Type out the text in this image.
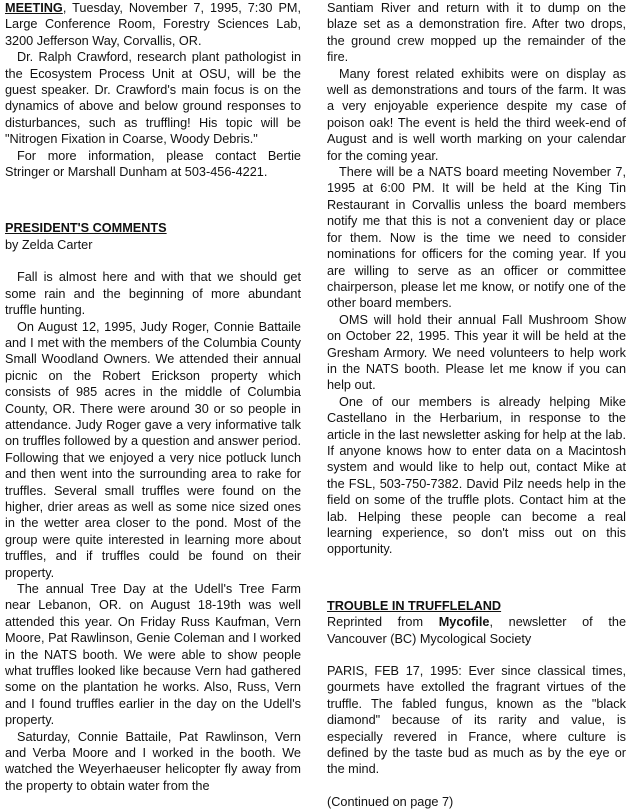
MEETING, Tuesday, November 7, 1995, 7:30 PM, Large Conference Room, Forestry Sciences Lab, 3200 Jefferson Way, Corvallis, OR.

Dr. Ralph Crawford, research plant pathologist in the Ecosystem Process Unit at OSU, will be the guest speaker. Dr. Crawford's main focus is on the dynamics of above and below ground responses to disturbances, such as truffling! His topic will be "Nitrogen Fixation in Coarse, Woody Debris."

For more information, please contact Bertie Stringer or Marshall Dunham at 503-456-4221.

PRESIDENT'S COMMENTS

by Zelda Carter

Fall is almost here and with that we should get some rain and the beginning of more abundant truffle hunting.

On August 12, 1995, Judy Roger, Connie Battaile and I met with the members of the Columbia County Small Woodland Owners. We attended their annual picnic on the Robert Erickson property which consists of 985 acres in the middle of Columbia County, OR. There were around 30 or so people in attendance. Judy Roger gave a very informative talk on truffles followed by a question and answer period. Following that we enjoyed a very nice potluck lunch and then went into the surrounding area to rake for truffles. Several small truffles were found on the higher, drier areas as well as some nice sized ones in the wetter area closer to the pond. Most of the group were quite interested in learning more about truffles, and if truffles could be found on their property.

The annual Tree Day at the Udell's Tree Farm near Lebanon, OR. on August 18-19th was well attended this year. On Friday Russ Kaufman, Vern Moore, Pat Rawlinson, Genie Coleman and I worked in the NATS booth. We were able to show people what truffles looked like because Vern had gathered some on the plantation he works. Also, Russ, Vern and I found truffles earlier in the day on the Udell's property.

Saturday, Connie Battaile, Pat Rawlinson, Vern and Verba Moore and I worked in the booth. We watched the Weyerhaeuser helicopter fly away from the property to obtain water from the

Santiam River and return with it to dump on the blaze set as a demonstration fire. After two drops, the ground crew mopped up the remainder of the fire.

Many forest related exhibits were on display as well as demonstrations and tours of the farm. It was a very enjoyable experience despite my case of poison oak! The event is held the third week-end of August and is well worth marking on your calendar for the coming year.

There will be a NATS board meeting November 7, 1995 at 6:00 PM. It will be held at the King Tin Restaurant in Corvallis unless the board members notify me that this is not a convenient day or place for them. Now is the time we need to consider nominations for officers for the coming year. If you are willing to serve as an officer or committee chairperson, please let me know, or notify one of the other board members.

OMS will hold their annual Fall Mushroom Show on October 22, 1995. This year it will be held at the Gresham Armory. We need volunteers to help work in the NATS booth. Please let me know if you can help out.

One of our members is already helping Mike Castellano in the Herbarium, in response to the article in the last newsletter asking for help at the lab. If anyone knows how to enter data on a Macintosh system and would like to help out, contact Mike at the FSL, 503-750-7382. David Pilz needs help in the field on some of the truffle plots. Contact him at the lab. Helping these people can become a real learning experience, so don't miss out on this opportunity.

TROUBLE IN TRUFFLELAND

Reprinted from Mycofile, newsletter of the Vancouver (BC) Mycological Society

PARIS, FEB 17, 1995: Ever since classical times, gourmets have extolled the fragrant virtues of the truffle. The fabled fungus, known as the "black diamond" because of its rarity and value, is especially revered in France, where culture is defined by the taste bud as much as by the eye or the mind.

(Continued on page 7)
